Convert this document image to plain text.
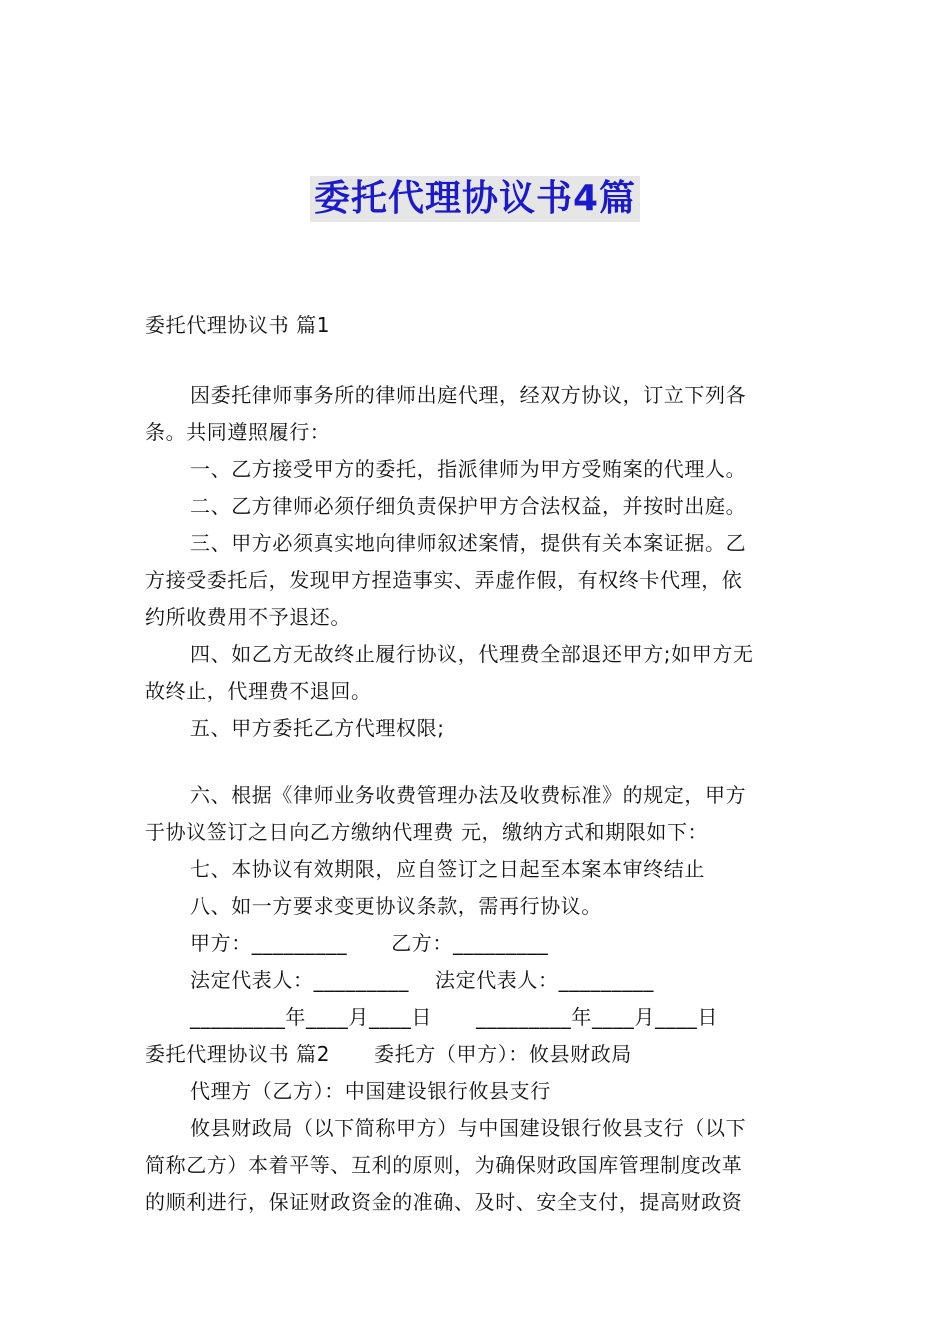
委托代理协议书4篇
委托代理协议书 篇1
因委托律师事务所的律师出庭代理，经双方协议，订立下列各
条。共同遵照履行：
一、乙方接受甲方的委托，指派律师为甲方受贿案的代理人。
二、乙方律师必须仔细负责保护甲方合法权益，并按时出庭。
三、甲方必须真实地向律师叙述案情，提供有关本案证据。乙
方接受委托后，发现甲方捏造事实、弄虚作假，有权终卡代理，依
约所收费用不予退还。
四、如乙方无故终止履行协议，代理费全部退还甲方;如甲方无
故终止，代理费不退回。
五、甲方委托乙方代理权限;
六、根据《律师业务收费管理办法及收费标准》的规定，甲方
于协议签订之日向乙方缴纳代理费 元，缴纳方式和期限如下：
七、本协议有效期限，应自签订之日起至本案本审终结止
八、如一方要求变更协议条款，需再行协议。
甲方：_________ 乙方：_________
法定代表人：_________ 法定代表人：_________
_________年____月____日 _________年____月____日
委托代理协议书 篇2 委托方（甲方）：攸县财政局
代理方（乙方）：中国建设银行攸县支行
攸县财政局（以下简称甲方）与中国建设银行攸县支行（以下
简称乙方）本着平等、互利的原则，为确保财政国库管理制度改革
的顺利进行，保证财政资金的准确、及时、安全支付，提高财政资
